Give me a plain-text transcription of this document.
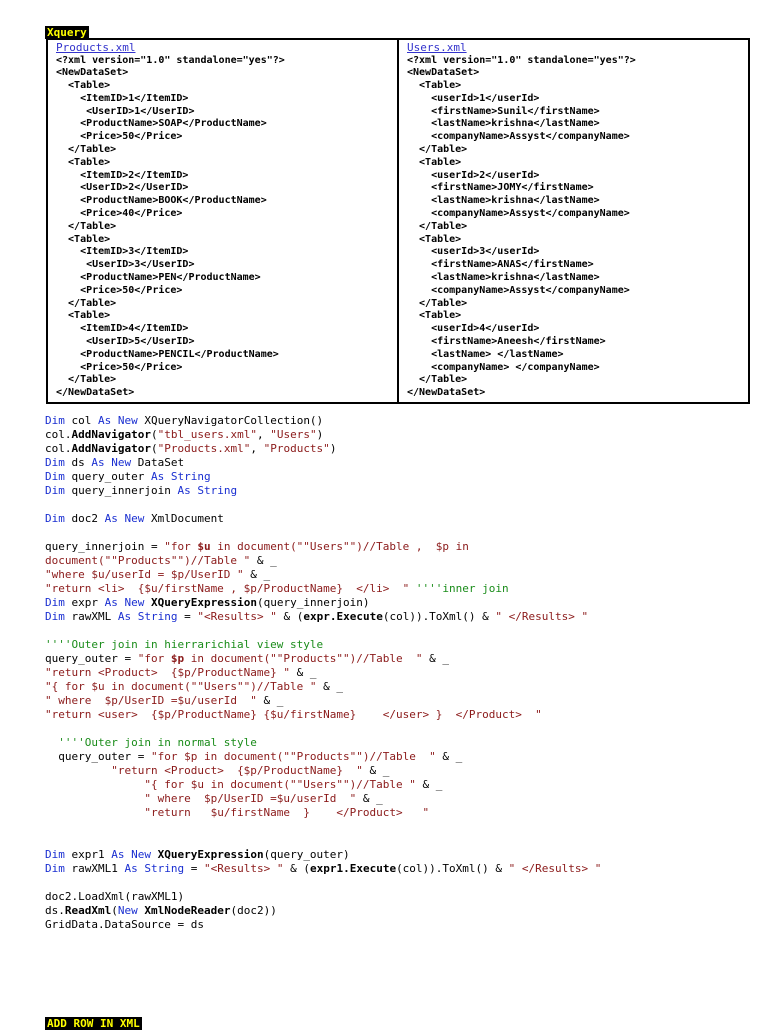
Xquery
Products.xml
<?xml version="1.0" standalone="yes"?>
<NewDataSet>
<Table>
<ItemID>1</ItemID>
<UserID>1</UserID>
<ProductName>SOAP</ProductName>
<Price>50</Price>
</Table>
<Table>
<ItemID>2</ItemID>
<UserID>2</UserID>
<ProductName>BOOK</ProductName>
<Price>40</Price>
</Table>
<Table>
<ItemID>3</ItemID>
<UserID>3</UserID>
<ProductName>PEN</ProductName>
<Price>50</Price>
</Table>
<Table>
<ItemID>4</ItemID>
<UserID>5</UserID>
<ProductName>PENCIL</ProductName>
<Price>50</Price>
</Table>
</NewDataSet>

Users.xml
<?xml version="1.0" standalone="yes"?>
<NewDataSet>
<Table>
<userId>1</userId>
<firstName>Sunil</firstName>
<lastName>krishna</lastName>
<companyName>Assyst</companyName>
</Table>
<Table>
<userId>2</userId>
<firstName>JOMY</firstName>
<lastName>krishna</lastName>
<companyName>Assyst</companyName>
</Table>
<Table>
<userId>3</userId>
<firstName>ANAS</firstName>
<lastName>krishna</lastName>
<companyName>Assyst</companyName>
</Table>
<Table>
<userId>4</userId>
<firstName>Aneesh</firstName>
<lastName> </lastName>
<companyName> </companyName>
</Table>
</NewDataSet>
Dim col As New XQueryNavigatorCollection()
col.AddNavigator("tbl_users.xml", "Users")
col.AddNavigator("Products.xml", "Products")
Dim ds As New DataSet
Dim query_outer As String
Dim query_innerjoin As String
Dim doc2 As New XmlDocument
query_innerjoin = "for $u in document(""Users"")//Table ,  $p in
document(""Products"")//Table " & _
"where $u/userId = $p/UserID " & _
"return <li>  {$u/firstName , $p/ProductName}  </li>  " ''''inner join
Dim expr As New XQueryExpression(query_innerjoin)
Dim rawXML As String = "<Results> " & (expr.Execute(col)).ToXml() & " </Results> "
''''Outer join in hierrarichial view style
query_outer = "for $p in document(""Products"")//Table  " & _
"return <Product>  {$p/ProductName} " & _
"{ for $u in document(""Users"")//Table " & _
" where  $p/UserID =$u/userId  " & _
"return <user>  {$p/ProductName} {$u/firstName}    </user> }  </Product>  "
''''Outer join in normal style
query_outer = "for $p in document(""Products"")//Table  " & _
"return <Product>  {$p/ProductName}  " & _
"{ for $u in document(""Users"")//Table " & _
" where  $p/UserID =$u/userId  " & _
"return   $u/firstName  }    </Product>   "
Dim expr1 As New XQueryExpression(query_outer)
Dim rawXML1 As String = "<Results> " & (expr1.Execute(col)).ToXml() & " </Results> "
doc2.LoadXml(rawXML1)
ds.ReadXml(New XmlNodeReader(doc2))
GridData.DataSource = ds
ADD ROW IN XML
